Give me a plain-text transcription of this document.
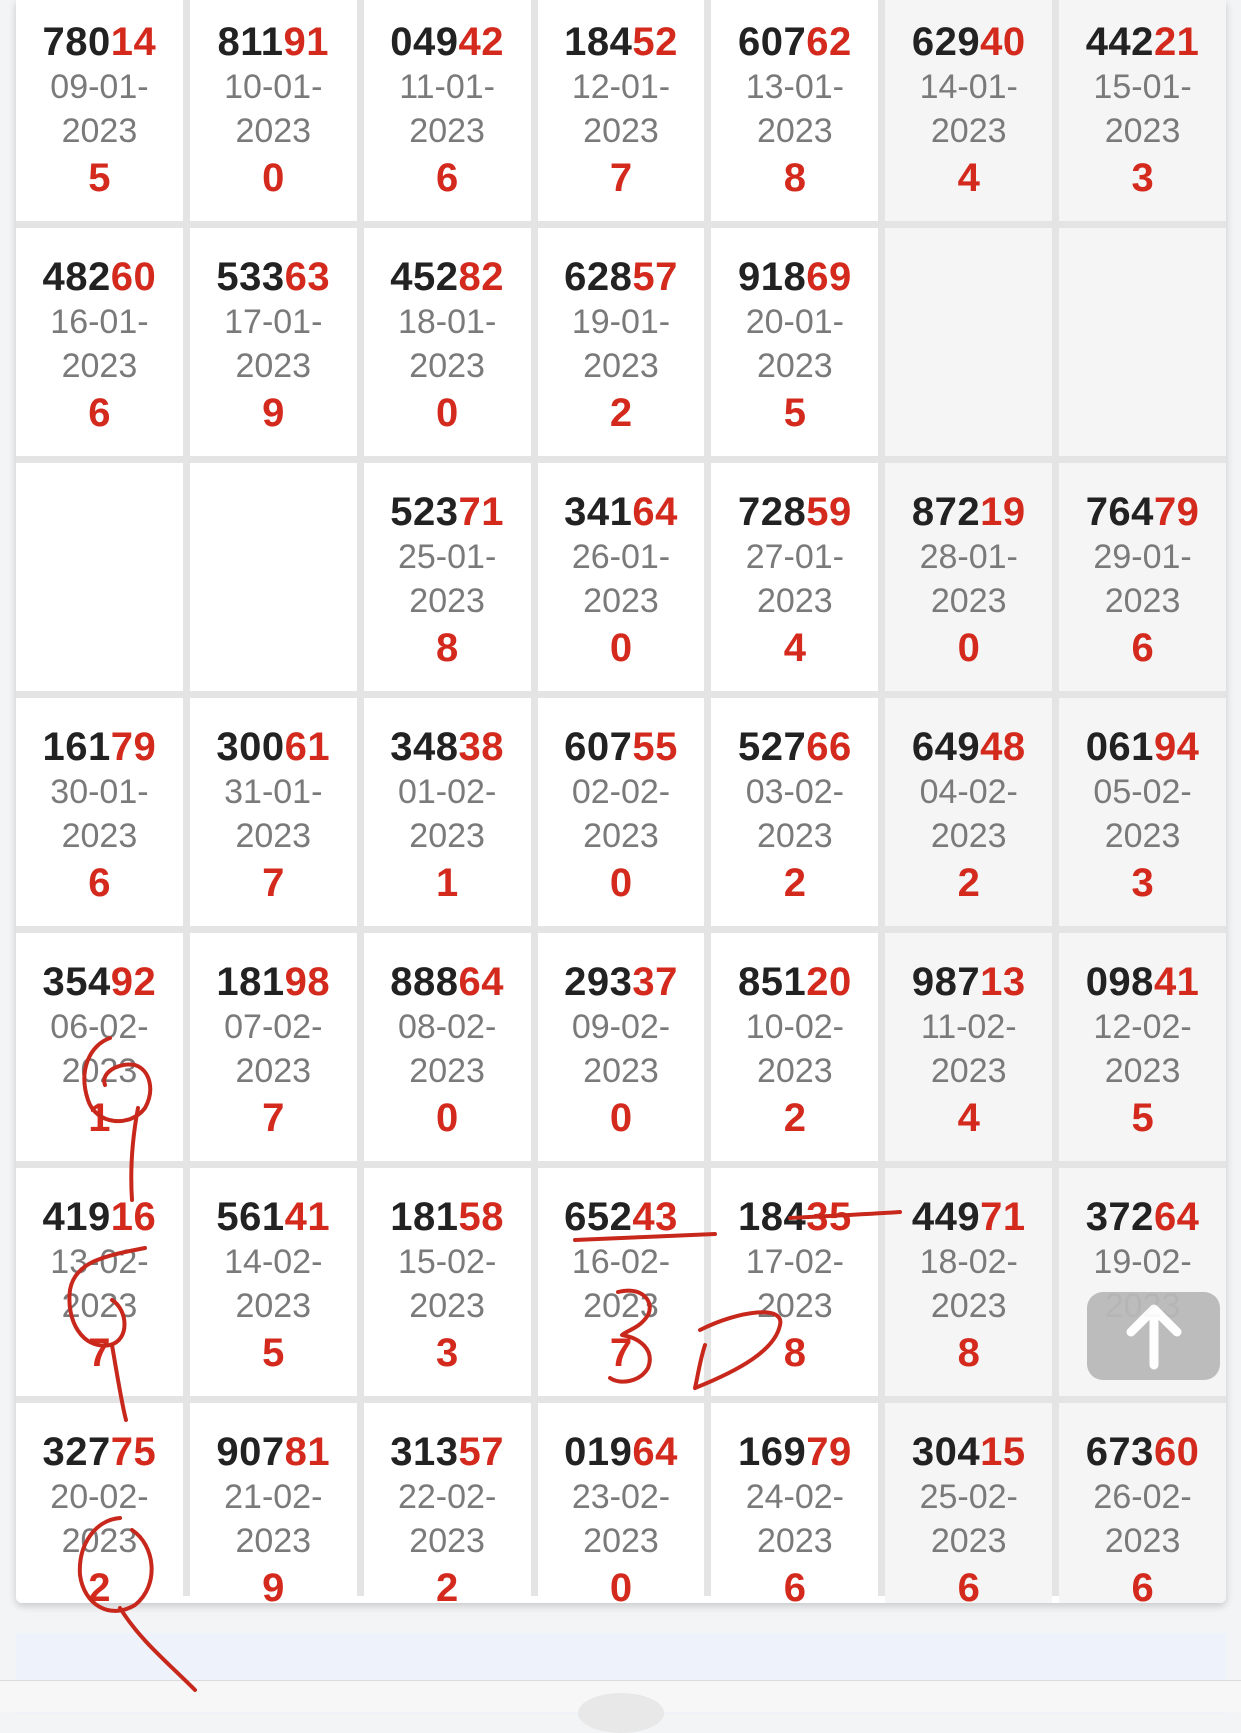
78014
09-01-
2023
5
81191
10-01-
2023
0
04942
11-01-
2023
6
18452
12-01-
2023
7
60762
13-01-
2023
8
62940
14-01-
2023
4
44221
15-01-
2023
3
48260
16-01-
2023
6
53363
17-01-
2023
9
45282
18-01-
2023
0
62857
19-01-
2023
2
91869
20-01-
2023
5
52371
25-01-
2023
8
34164
26-01-
2023
0
72859
27-01-
2023
4
87219
28-01-
2023
0
76479
29-01-
2023
6
16179
30-01-
2023
6
30061
31-01-
2023
7
34838
01-02-
2023
1
60755
02-02-
2023
0
52766
03-02-
2023
2
64948
04-02-
2023
2
06194
05-02-
2023
3
35492
06-02-
2023
1
18198
07-02-
2023
7
88864
08-02-
2023
0
29337
09-02-
2023
0
85120
10-02-
2023
2
98713
11-02-
2023
4
09841
12-02-
2023
5
41916
13-02-
2023
7
56141
14-02-
2023
5
18158
15-02-
2023
3
65243
16-02-
2023
7
18435
17-02-
2023
8
44971
18-02-
2023
8
37264
19-02-

32775
20-02-
2023
2
90781
21-02-
2023
9
31357
22-02-
2023
2
01964
23-02-
2023
0
16979
24-02-
2023
6
30415
25-02-
2023
6
67360
26-02-
2023
6
